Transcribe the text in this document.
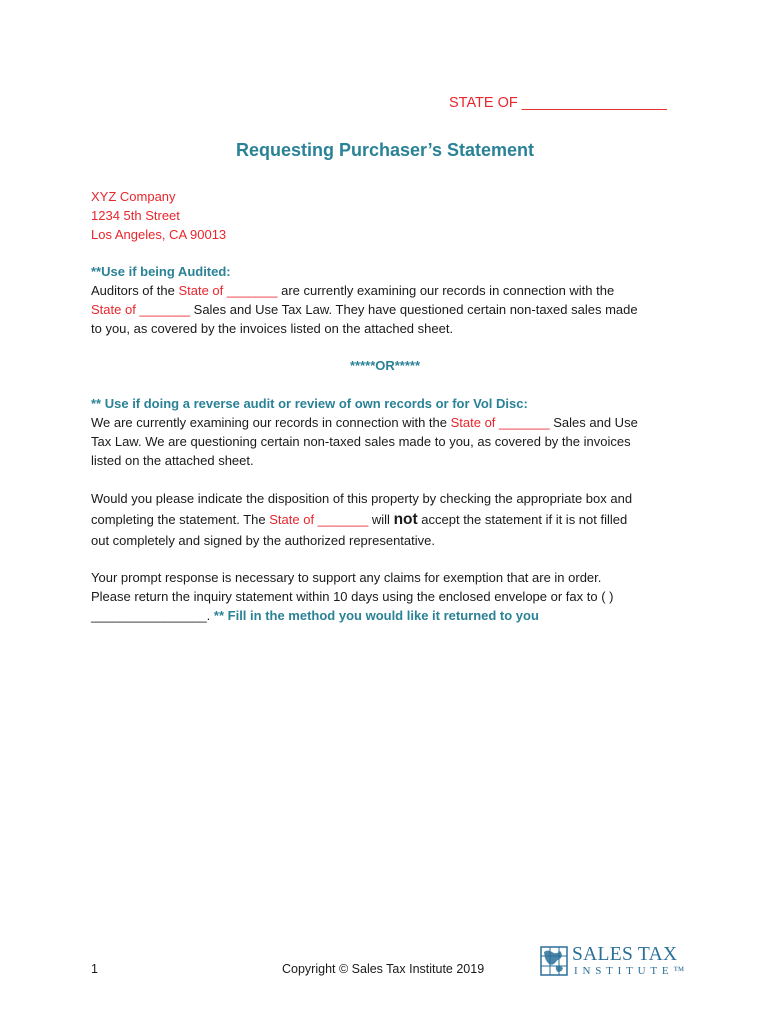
STATE OF __________________
Requesting Purchaser’s Statement
XYZ Company
1234 5th Street
Los Angeles, CA 90013
**Use if being Audited:
Auditors of the State of _______ are currently examining our records in connection with the
State of _______ Sales and Use Tax Law. They have questioned certain non-taxed sales made
to you, as covered by the invoices listed on the attached sheet.
*****OR*****
** Use if doing a reverse audit or review of own records or for Vol Disc:
We are currently examining our records in connection with the State of _______ Sales and Use
Tax Law. We are questioning certain non-taxed sales made to you, as covered by the invoices
listed on the attached sheet.
Would you please indicate the disposition of this property by checking the appropriate box and
completing the statement. The State of _______ will not accept the statement if it is not filled
out completely and signed by the authorized representative.
Your prompt response is necessary to support any claims for exemption that are in order.
Please return the inquiry statement within 10 days using the enclosed envelope or fax to ( )
________________. ** Fill in the method you would like it returned to you
1	Copyright © Sales Tax Institute 2019
SALES TAX
INSTITUTE™
